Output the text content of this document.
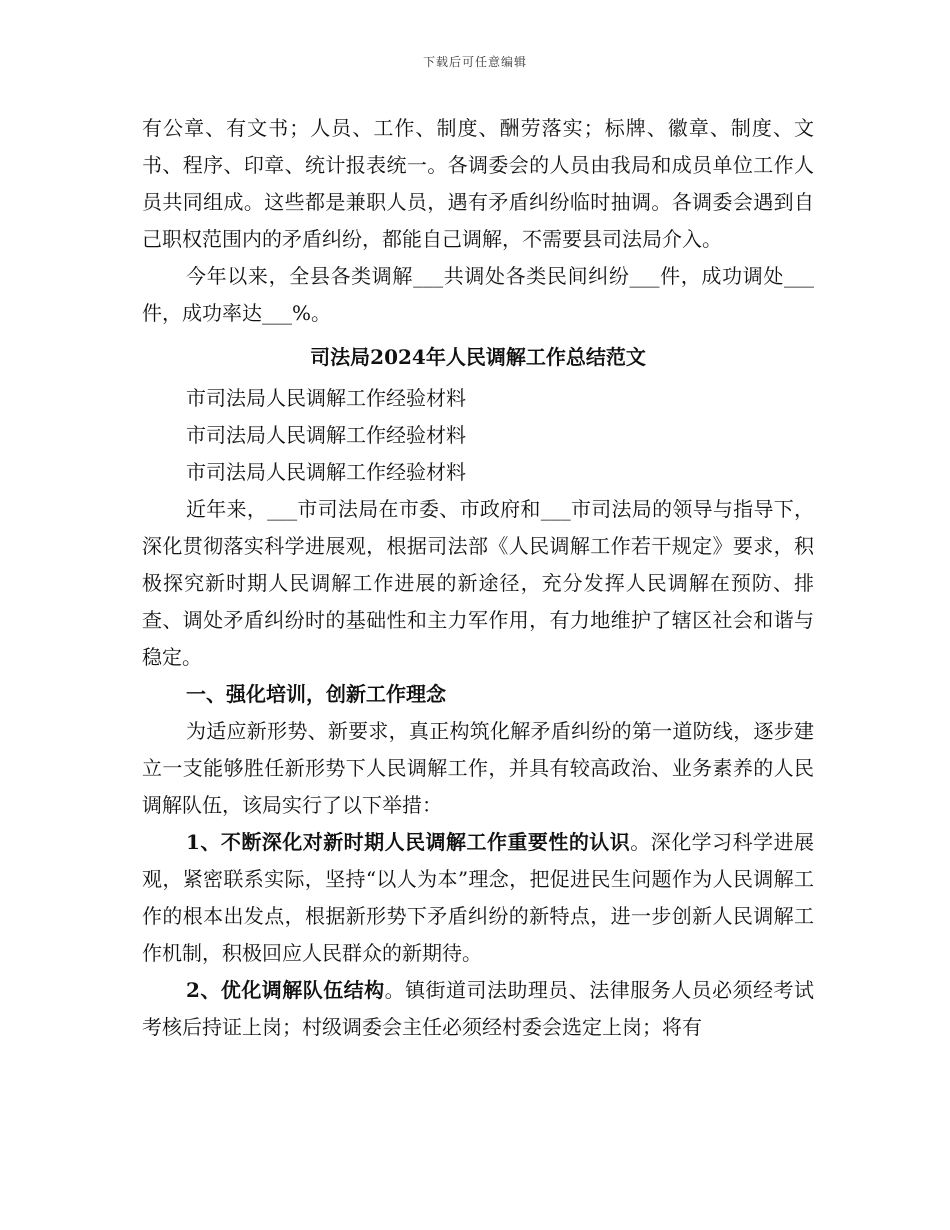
下载后可任意编辑

有公章、有文书；人员、工作、制度、酬劳落实；标牌、徽章、制度、文书、程序、印章、统计报表统一。各调委会的人员由我局和成员单位工作人员共同组成。这些都是兼职人员，遇有矛盾纠纷临时抽调。各调委会遇到自己职权范围内的矛盾纠纷，都能自己调解，不需要县司法局介入。

今年以来，全县各类调解___共调处各类民间纠纷___件，成功调处___件，成功率达___%。

司法局2024年人民调解工作总结范文

市司法局人民调解工作经验材料

市司法局人民调解工作经验材料

市司法局人民调解工作经验材料

近年来，___市司法局在市委、市政府和___市司法局的领导与指导下，深化贯彻落实科学进展观，根据司法部《人民调解工作若干规定》要求，积极探究新时期人民调解工作进展的新途径，充分发挥人民调解在预防、排查、调处矛盾纠纷时的基础性和主力军作用，有力地维护了辖区社会和谐与稳定。

一、强化培训，创新工作理念

为适应新形势、新要求，真正构筑化解矛盾纠纷的第一道防线，逐步建立一支能够胜任新形势下人民调解工作，并具有较高政治、业务素养的人民调解队伍，该局实行了以下举措：

1、不断深化对新时期人民调解工作重要性的认识。深化学习科学进展观，紧密联系实际，坚持“以人为本”理念，把促进民生问题作为人民调解工作的根本出发点，根据新形势下矛盾纠纷的新特点，进一步创新人民调解工作机制，积极回应人民群众的新期待。

2、优化调解队伍结构。镇街道司法助理员、法律服务人员必须经考试考核后持证上岗；村级调委会主任必须经村委会选定上岗；将有
